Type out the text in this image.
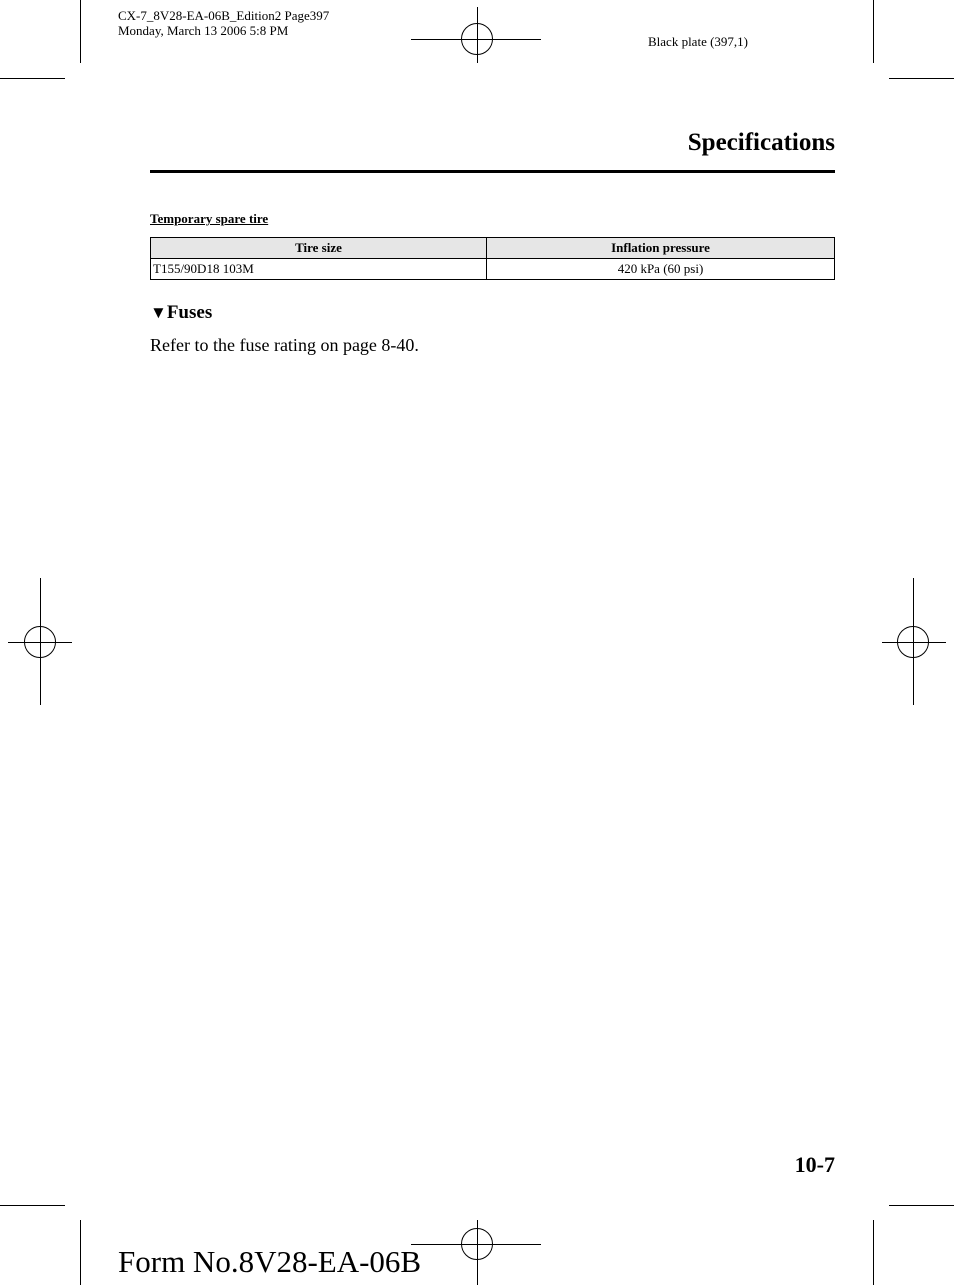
CX-7_8V28-EA-06B_Edition2 Page397
Monday, March 13 2006 5:8 PM
Black plate (397,1)
Specifications
Temporary spare tire
Tire size	Inflation pressure
T155/90D18 103M	420 kPa (60 psi)
▼Fuses
Refer to the fuse rating on page 8-40.
10-7
Form No.8V28-EA-06B
